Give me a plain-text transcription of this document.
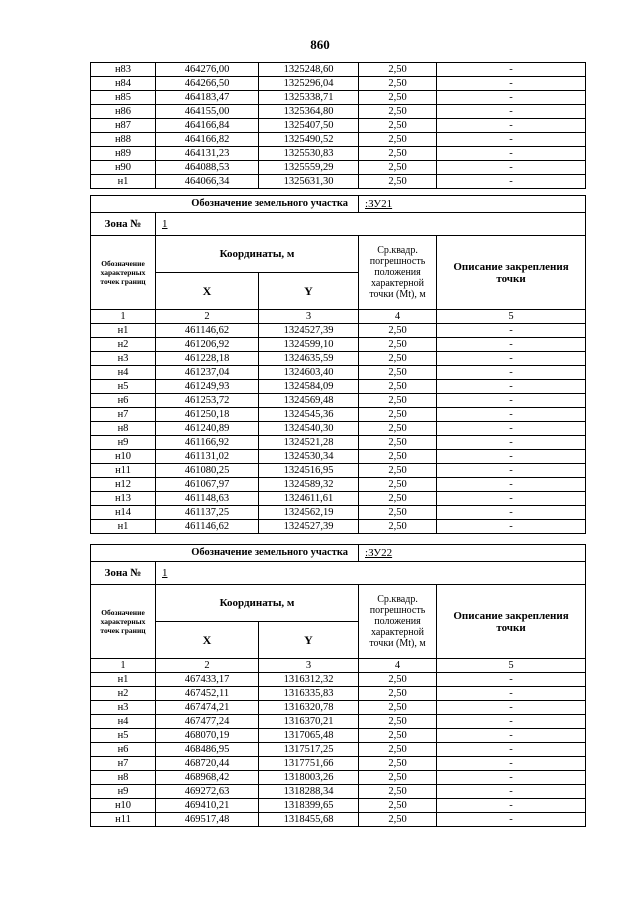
860
н83	464276,00	1325248,60	2,50	-
н84	464266,50	1325296,04	2,50	-
н85	464183,47	1325338,71	2,50	-
н86	464155,00	1325364,80	2,50	-
н87	464166,84	1325407,50	2,50	-
н88	464166,82	1325490,52	2,50	-
н89	464131,23	1325530,83	2,50	-
н90	464088,53	1325559,29	2,50	-
н1	464066,34	1325631,30	2,50	-
Обозначение земельного участка			:ЗУ21	
Зона №	1			
Обозначение характерных точек границ	Координаты, м		Ср.квадр. погрешность положения характерной точки (Мt), м	Описание закрепления точки
	X	Y		
1	2	3	4	5
н1	461146,62	1324527,39	2,50	-
н2	461206,92	1324599,10	2,50	-
н3	461228,18	1324635,59	2,50	-
н4	461237,04	1324603,40	2,50	-
н5	461249,93	1324584,09	2,50	-
н6	461253,72	1324569,48	2,50	-
н7	461250,18	1324545,36	2,50	-
н8	461240,89	1324540,30	2,50	-
н9	461166,92	1324521,28	2,50	-
н10	461131,02	1324530,34	2,50	-
н11	461080,25	1324516,95	2,50	-
н12	461067,97	1324589,32	2,50	-
н13	461148,63	1324611,61	2,50	-
н14	461137,25	1324562,19	2,50	-
н1	461146,62	1324527,39	2,50	-
Обозначение земельного участка			:ЗУ22	
Зона №	1			
Обозначение характерных точек границ	Координаты, м		Ср.квадр. погрешность положения характерной точки (Мt), м	Описание закрепления точки
	X	Y		
1	2	3	4	5
н1	467433,17	1316312,32	2,50	-
н2	467452,11	1316335,83	2,50	-
н3	467474,21	1316320,78	2,50	-
н4	467477,24	1316370,21	2,50	-
н5	468070,19	1317065,48	2,50	-
н6	468486,95	1317517,25	2,50	-
н7	468720,44	1317751,66	2,50	-
н8	468968,42	1318003,26	2,50	-
н9	469272,63	1318288,34	2,50	-
н10	469410,21	1318399,65	2,50	-
н11	469517,48	1318455,68	2,50	-
